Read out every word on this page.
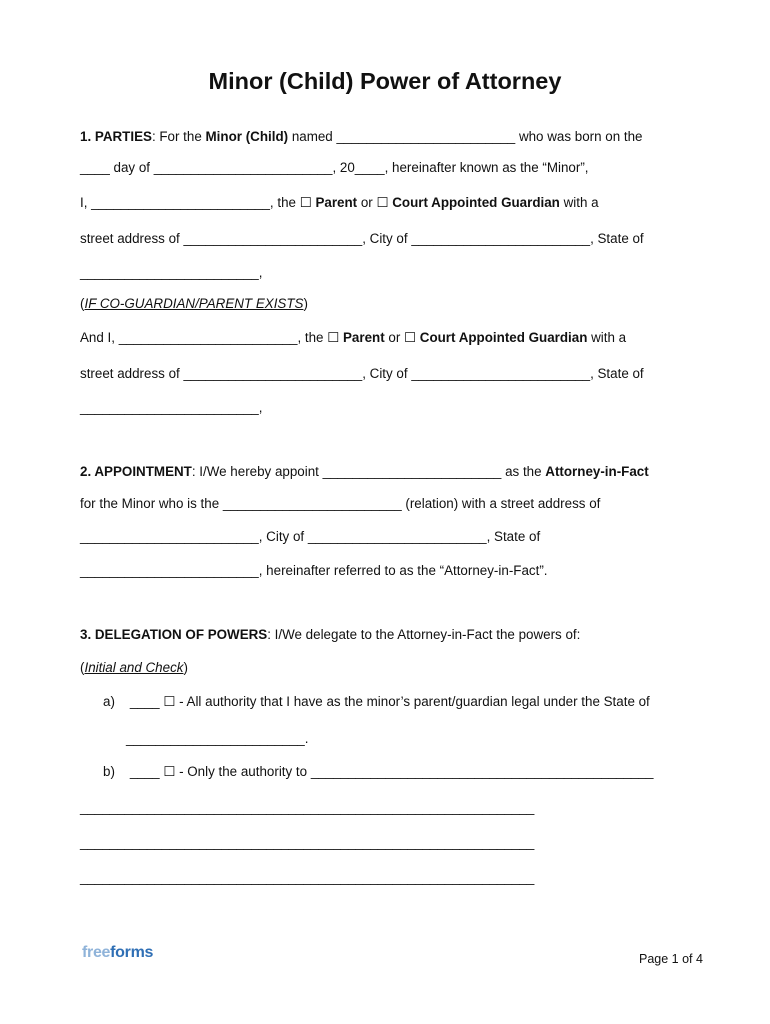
Minor (Child) Power of Attorney
1. PARTIES: For the Minor (Child) named ________________________ who was born on the
____ day of ________________________, 20____, hereinafter known as the “Minor”,
I, ________________________, the ☐ Parent or ☐ Court Appointed Guardian with a
street address of ________________________, City of ________________________, State of
________________________,
(IF CO-GUARDIAN/PARENT EXISTS)
And I, ________________________, the ☐ Parent or ☐ Court Appointed Guardian with a
street address of ________________________, City of ________________________, State of
________________________,
2. APPOINTMENT: I/We hereby appoint ________________________ as the Attorney-in-Fact
for the Minor who is the ________________________ (relation) with a street address of
________________________, City of ________________________, State of
________________________, hereinafter referred to as the “Attorney-in-Fact”.
3. DELEGATION OF POWERS: I/We delegate to the Attorney-in-Fact the powers of:
(Initial and Check)
a) ____ ☐ - All authority that I have as the minor’s parent/guardian legal under the State of
________________________.
b) ____ ☐ - Only the authority to ______________________________________________
_____________________________________________________________
_____________________________________________________________
_____________________________________________________________
freeforms	Page 1 of 4
